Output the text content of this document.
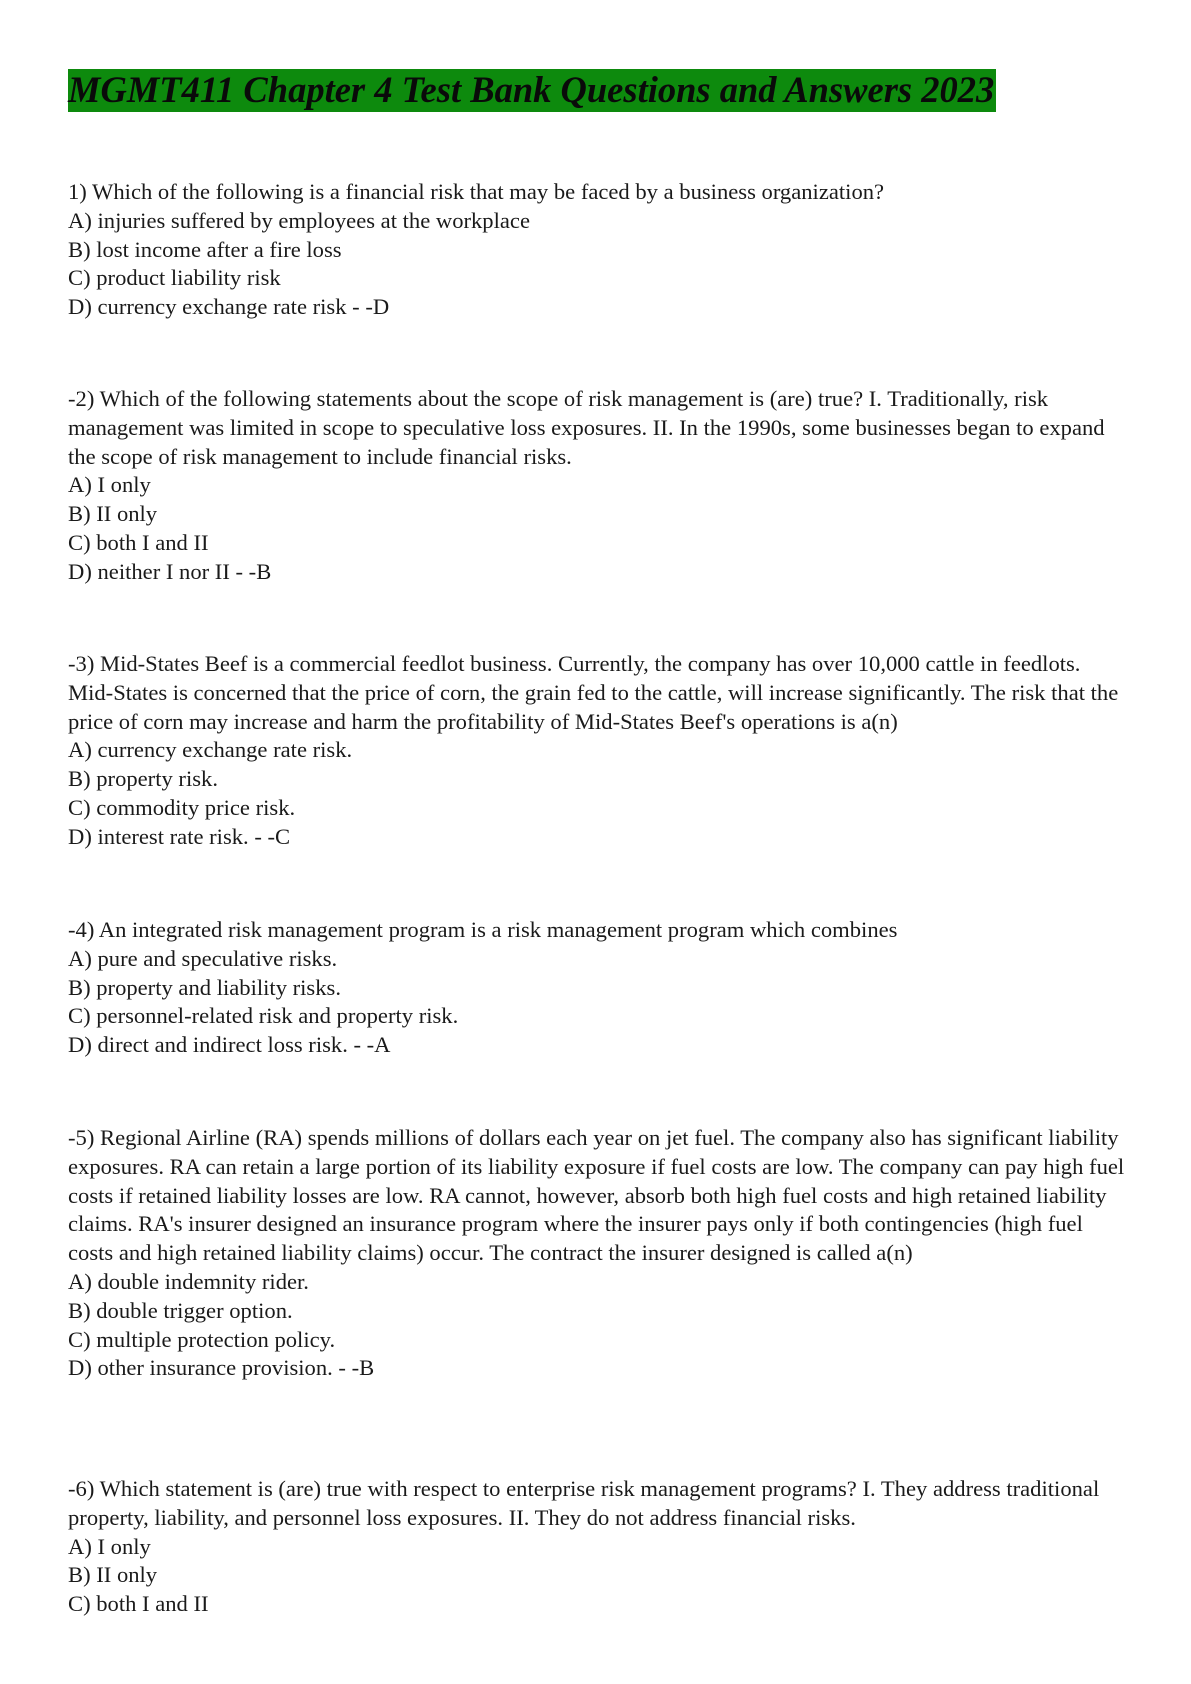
MGMT411 Chapter 4 Test Bank Questions and Answers 2023
1) Which of the following is a financial risk that may be faced by a business organization?
A) injuries suffered by employees at the workplace
B) lost income after a fire loss
C) product liability risk
D) currency exchange rate risk - -D
-2) Which of the following statements about the scope of risk management is (are) true? I. Traditionally, risk management was limited in scope to speculative loss exposures. II. In the 1990s, some businesses began to expand the scope of risk management to include financial risks.
A) I only
B) II only
C) both I and II
D) neither I nor II - -B
-3) Mid-States Beef is a commercial feedlot business. Currently, the company has over 10,000 cattle in feedlots. Mid-States is concerned that the price of corn, the grain fed to the cattle, will increase significantly. The risk that the price of corn may increase and harm the profitability of Mid-States Beef's operations is a(n)
A) currency exchange rate risk.
B) property risk.
C) commodity price risk.
D) interest rate risk. - -C
-4) An integrated risk management program is a risk management program which combines
A) pure and speculative risks.
B) property and liability risks.
C) personnel-related risk and property risk.
D) direct and indirect loss risk. - -A
-5) Regional Airline (RA) spends millions of dollars each year on jet fuel. The company also has significant liability exposures. RA can retain a large portion of its liability exposure if fuel costs are low. The company can pay high fuel costs if retained liability losses are low. RA cannot, however, absorb both high fuel costs and high retained liability claims. RA's insurer designed an insurance program where the insurer pays only if both contingencies (high fuel costs and high retained liability claims) occur. The contract the insurer designed is called a(n)
A) double indemnity rider.
B) double trigger option.
C) multiple protection policy.
D) other insurance provision. - -B
-6) Which statement is (are) true with respect to enterprise risk management programs? I. They address traditional property, liability, and personnel loss exposures. II. They do not address financial risks.
A) I only
B) II only
C) both I and II
